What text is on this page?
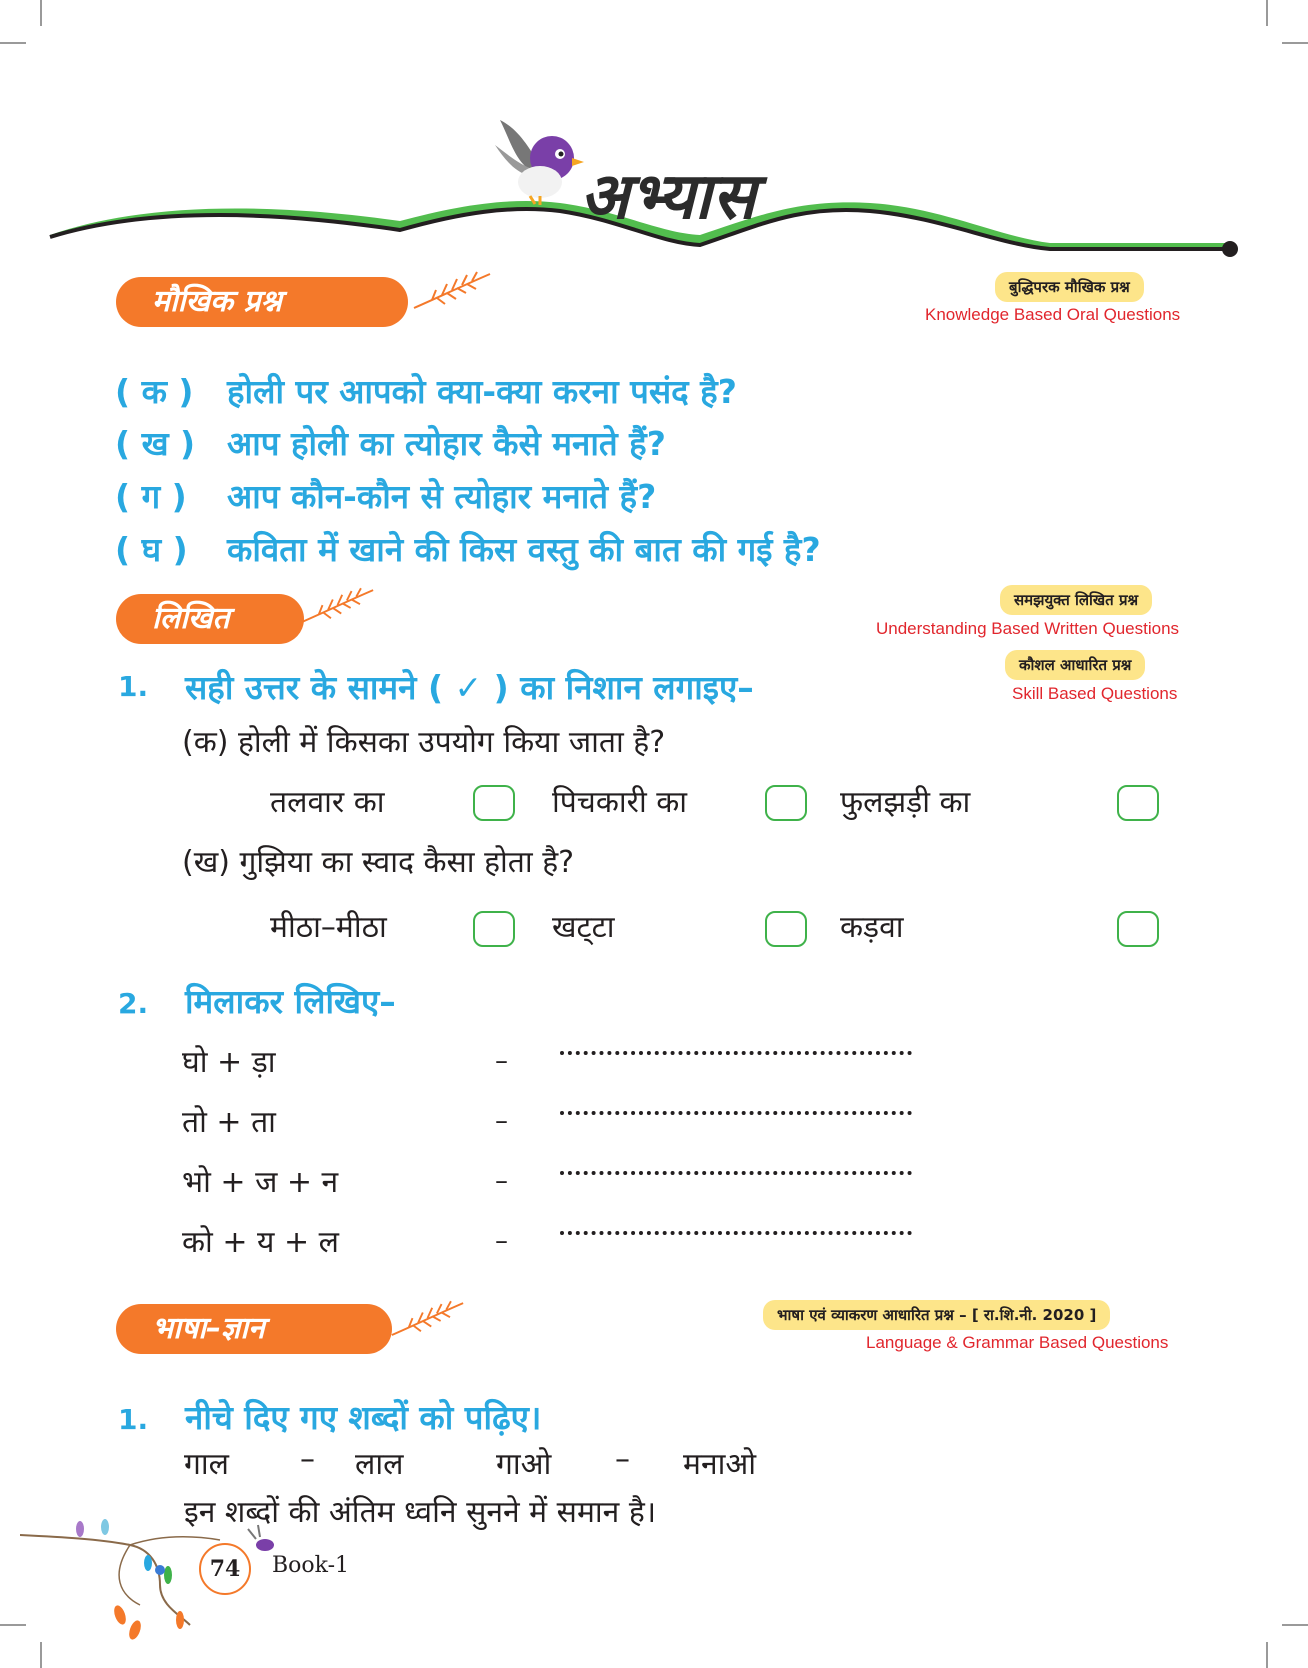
अभ्यास
मौखिक प्रश्न	बुद्धिपरक मौखिक प्रश्न
Knowledge Based Oral Questions
( क ) होली पर आपको क्या-क्या करना पसंद है?
( ख ) आप होली का त्योहार कैसे मनाते हैं?
( ग ) आप कौन-कौन से त्योहार मनाते हैं?
( घ ) कविता में खाने की किस वस्तु की बात की गई है?
लिखित
समझयुक्त लिखित प्रश्न
Understanding Based Written Questions
कौशल आधारित प्रश्न
Skill Based Questions
1. सही उत्तर के सामने ( ✓ ) का निशान लगाइए–
(क) होली में किसका उपयोग किया जाता है?
तलवार का	पिचकारी का	फुलझड़ी का
(ख) गुझिया का स्वाद कैसा होता है?
मीठा–मीठा	खट्‌टा	कड़वा
2. मिलाकर लिखिए–
घो + ड़ा	–
तो + ता	–
भो + ज + न	–
को + य + ल	–
भाषा–ज्ञान	भाषा एवं व्याकरण आधारित प्रश्न – [ रा.शि.नी. 2020 ]
Language & Grammar Based Questions
1. नीचे दिए गए शब्दों को पढ़िए।
गाल – लाल	गाओ – मनाओ
इन शब्दों की अंतिम ध्वनि सुनने में समान है।
74	Book-1
